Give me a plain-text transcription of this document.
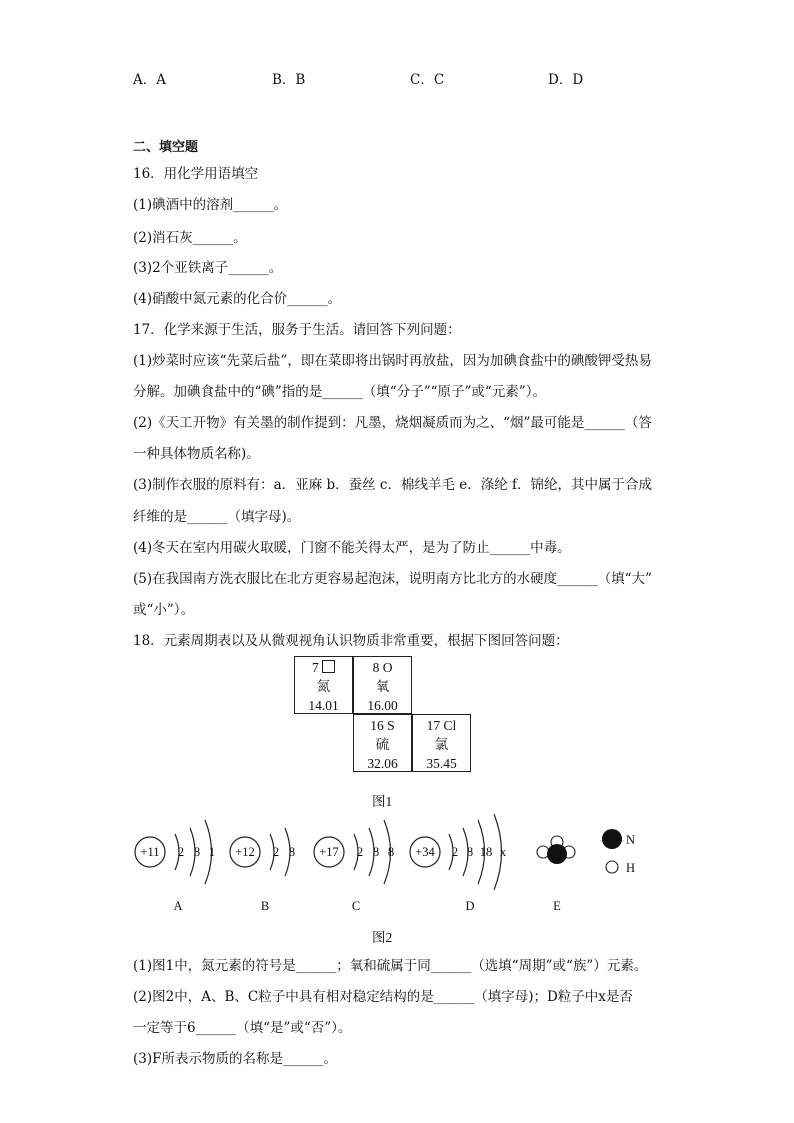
A．A	B．B	C．C	D．D
二、填空题
16．用化学用语填空
(1)碘酒中的溶剂______。
(2)消石灰______。
(3)2个亚铁离子______。
(4)硝酸中氮元素的化合价______。
17．化学来源于生活，服务于生活。请回答下列问题：
(1)炒菜时应该“先菜后盐”，即在菜即将出锅时再放盐，因为加碘食盐中的碘酸钾受热易
分解。加碘食盐中的“碘”指的是______（填“分子”“原子”或“元素”）。
(2)《天工开物》有关墨的制作提到：凡墨，烧烟凝质而为之、“烟”最可能是______（答
一种具体物质名称)。
(3)制作衣服的原料有：a．亚麻 b．蚕丝 c．棉线羊毛 e．涤纶 f．锦纶，其中属于合成
纤维的是______（填字母)。
(4)冬天在室内用碳火取暖，门窗不能关得太严，是为了防止______中毒。
(5)在我国南方洗衣服比在北方更容易起泡沫，说明南方比北方的水硬度______（填“大”
或“小”）。
18．元素周期表以及从微观视角认识物质非常重要，根据下图回答问题：
7
氮
14.01
8 O
氧
16.00
16 S
硫
32.06
17 Cl
氯
35.45
图1
+11 2 8 1 +12 2 8 +17 2 8 8 +34 2 8 18 x
N
H
A	B	C	D	E
图2
(1)图1中，氮元素的符号是______；氧和硫属于同______（选填“周期”或“族”）元素。
(2)图2中，A、B、C粒子中具有相对稳定结构的是______（填字母)；D粒子中x是否
一定等于6______（填“是”或“否”）。
(3)F所表示物质的名称是______。
